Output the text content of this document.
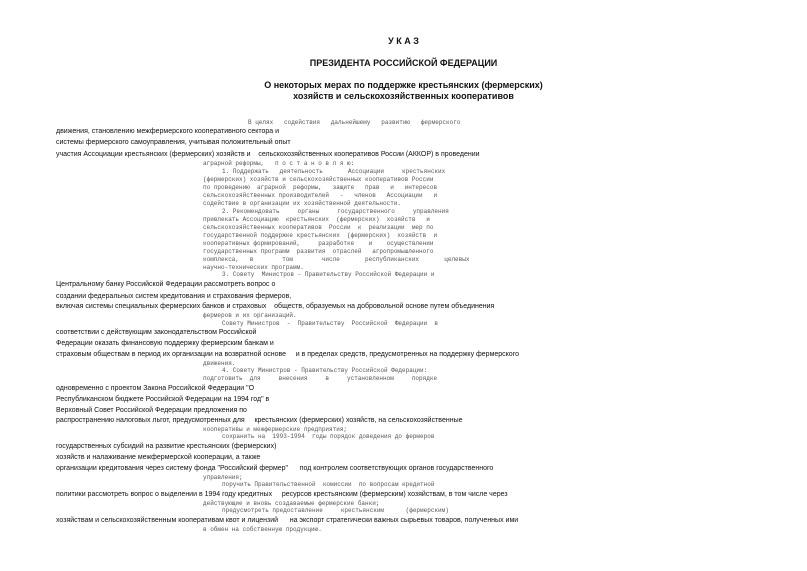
У К А З
ПРЕЗИДЕНТА РОССИЙСКОЙ ФЕДЕРАЦИИ
О некоторых мерах по поддержке крестьянских (фермерских)
хозяйств и сельскохозяйственных кооперативов
В целях   содействия   дальнейшему   развитию   фермерского
движения, становлению межфермерского кооперативного сектора и
системы фермерского самоуправления, учитывая положительный опыт
участия Ассоциации крестьянских (фермерских) хозяйств и    сельскохозяйственных кооперативов России (АККОР) в проведении
аграрной реформы,   п о с т а н о в л я ю:
1. Поддержать   деятельность       Ассоциации     крестьянских
(фермерских) хозяйств и сельскохозяйственных кооперативов России
по проведению  аграрной  реформы,   защите   прав   и   интересов
сельскохозяйственных производителей   -   членов   Ассоциации   и
содействие в организации их хозяйственной деятельности.
2. Рекомендовать     органы     государственного     управления
привлекать Ассоциацию  крестьянских  (фермерских)  хозяйств   и
сельскохозяйственных кооперативов  России  к  реализации  мер по
государственной поддержке крестьянских  (фермерских)  хозяйств  и
кооперативных формирований,     разработке    и    осуществлении
государственных программ  развития  отраслей   агропромышленного
комплекса,   в        том        числе       республиканских       целевых
научно-технических программ.
3. Совету  Министров - Правительству Российской Федерации и
Центральному банку Российской Федерации рассмотреть вопрос о
создании федеральных систем кредитования и страхования фермеров,
включая системы специальных фермерских банков и страховых    обществ, образуемых на добровольной основе путем объединения
фермеров и их организаций.
Совету Министров  -  Правительству  Российской  Федерации  в
соответствии с действующим законодательством Российской
Федерации оказать финансовую поддержку фермерским банкам и
страховым обществам в период их организации на возвратной основе     и в пределах средств, предусмотренных на поддержку фермерского
движения.
4. Совету Министров - Правительству Российской Федерации:
подготовить  для     внесения     в     установленном     порядке
одновременно с проектом Закона Российской Федерации "О
Республиканском бюджете Российской Федерации на 1994 год" в
Верховный Совет Российской Федерации предложения по
распространению налоговых льгот, предусмотренных для     крестьянских (фермерских) хозяйств, на сельскохозяйственные
кооперативы и межфермерские предприятия;
сохранить на  1993-1994  годы порядок доведения до фермеров
государственных субсидий на развитие крестьянских (фермерских)
хозяйств и налаживание межфермерской кооперации, а также
организации кредитования через систему фонда "Российский фермер"      под контролем соответствующих органов государственного
управления;
поручить Правительственной  комиссии  по вопросам кредитной
политики рассмотреть вопрос о выделении в 1994 году кредитных     ресурсов крестьянским (фермерским) хозяйствам, в том числе через
действующие и вновь создаваемые фермерские банки;
предусмотреть предоставление     крестьянским      (фермерским)
хозяйствам и сельскохозяйственным кооперативам квот и лицензий      на экспорт стратегически важных сырьевых товаров, полученных ими
в обмен на собственную продукцию.
